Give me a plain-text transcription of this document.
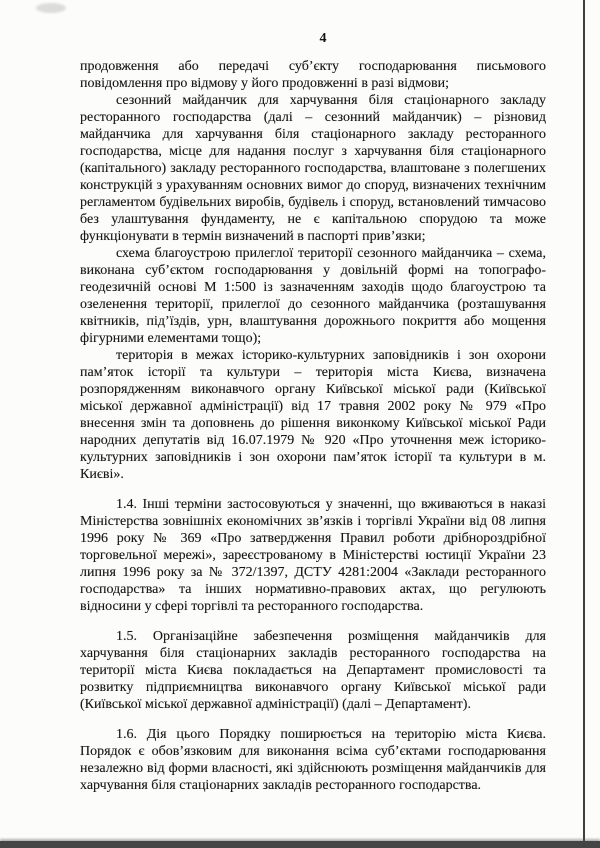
4

продовження або передачі суб’єкту господарювання письмового повідомлення про відмову у його продовженні в разі відмови;

сезонний майданчик для харчування біля стаціонарного закладу ресторанного господарства (далі – сезонний майданчик) – різновид майданчика для харчування біля стаціонарного закладу ресторанного господарства, місце для надання послуг з харчування біля стаціонарного (капітального) закладу ресторанного господарства, влаштоване з полегшених конструкцій з урахуванням основних вимог до споруд, визначених технічним регламентом будівельних виробів, будівель і споруд, встановлений тимчасово без улаштування фундаменту, не є капітальною спорудою та може функціонувати в термін визначений в паспорті прив’язки;

схема благоустрою прилеглої території сезонного майданчика – схема, виконана суб’єктом господарювання у довільній формі на топографо-геодезичній основі М 1:500 із зазначенням заходів щодо благоустрою та озеленення території, прилеглої до сезонного майданчика (розташування квітників, під’їздів, урн, влаштування дорожнього покриття або мощення фігурними елементами тощо);

територія в межах історико-культурних заповідників і зон охорони пам’яток історії та культури – територія міста Києва, визначена розпорядженням виконавчого органу Київської міської ради (Київської міської державної адміністрації) від 17 травня 2002 року № 979 «Про внесення змін та доповнень до рішення виконкому Київської міської Ради народних депутатів від 16.07.1979 № 920 «Про уточнення меж історико-культурних заповідників і зон охорони пам’яток історії та культури в м. Києві».

1.4. Інші терміни застосовуються у значенні, що вживаються в наказі Міністерства зовнішніх економічних зв’язків і торгівлі України від 08 липня 1996 року № 369 «Про затвердження Правил роботи дрібнороздрібної торговельної мережі», зареєстрованому в Міністерстві юстиції України 23 липня 1996 року за № 372/1397, ДСТУ 4281:2004 «Заклади ресторанного господарства» та інших нормативно-правових актах, що регулюють відносини у сфері торгівлі та ресторанного господарства.

1.5. Організаційне забезпечення розміщення майданчиків для харчування біля стаціонарних закладів ресторанного господарства на території міста Києва покладається на Департамент промисловості та розвитку підприємництва виконавчого органу Київської міської ради (Київської міської державної адміністрації) (далі – Департамент).

1.6. Дія цього Порядку поширюється на територію міста Києва. Порядок є обов’язковим для виконання всіма суб’єктами господарювання незалежно від форми власності, які здійснюють розміщення майданчиків для харчування біля стаціонарних закладів ресторанного господарства.
